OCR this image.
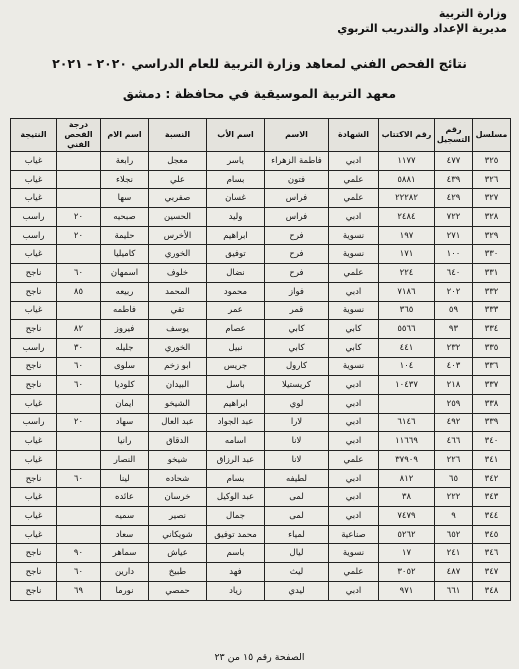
وزارة التربية
مديرية الإعداد والتدريب التربوي
نتائج الفحص الفني لمعاهد وزارة التربية للعام الدراسي ٢٠٢٠ - ٢٠٢١
معهد التربية الموسيقية في محافظة : دمشق
مسلسل	رقم التسجيل	رقم الاكتتاب	الشهادة	الاسم	اسم الأب	النسبة	اسم الام	درجة الفحص الفني	النتيجة
٣٢٥	٤٧٧	١١٧٧	ادبي	فاطمة الزهراء	ياسر	معجل	رابعة		غياب
٣٢٦	٤٣٩	٥٨٨١	علمي	فتون	بسام	علي	نجلاء		غياب
٣٢٧	٤٢٩	٢٢٢٨٢	علمي	فراس	غسان	صفربي	سها		غياب
٣٢٨	٧٢٢	٢٤٨٤	ادبي	فراس	وليد	الحسين	صبحيه	٢٠	راسب
٣٢٩	٢٧١	١٩٧	نسوية	فرح	ابراهيم	الأخرس	حليمة	٢٠	راسب
٣٣٠	١٠٠	١٧١	نسوية	فرح	توفيق	الخوري	كاميليا		غياب
٣٣١	٦٤٠	٢٢٤	علمي	فرح	نضال	خلوف	اسمهان	٦٠	ناجح
٣٣٢	٢٠٢	٧١٨٦	ادبي	فواز	محمود	المحمد	ربيعه	٨٥	ناجح
٣٣٣	٥٩	٣٦٥	نسوية	قمر	عمر	تقي	فاطمه		غياب
٣٣٤	٩٣	٥٥٦٦	كابي	كابي	عصام	يوسف	فيروز	٨٢	ناجح
٣٣٥	٢٣٢	٤٤١	كابي	كابي	نبيل	الخوري	جليله	٣٠	راسب
٣٣٦	٤٠٣	١٠٤	نسوية	كارول	جريس	ابو زخم	سلوى	٦٠	ناجح
٣٣٧	٢١٨	١٠٤٣٧	ادبي	كريستيلا	باسل	البيدان	كلوديا	٦٠	ناجح
٣٣٨	٢٥٩		ادبي	لوي	ابراهيم	الشيخو	ايمان		غياب
٣٣٩	٤٩٢	٦١٤٦	ادبي	لارا	عبد الجواد	عبد العال	سهاد	٢٠	راسب
٣٤٠	٤٦٦	١١٦٦٩	ادبي	لانا	اسامه	الدقاق	رانيا		غياب
٣٤١	٢٢٦	٣٧٩٠٩	علمي	لانا	عبد الرزاق	شيخو	النصار		غياب
٣٤٢	٦٥	٨١٢	ادبي	لطيفه	بسام	شحاده	لينا	٦٠	ناجح
٣٤٣	٢٢٢	٣٨	ادبي	لمى	عبد الوكيل	خرسان	عائده		غياب
٣٤٤	٩	٧٤٧٩	ادبي	لمى	جمال	نصير	سميه		غياب
٣٤٥	٦٥٢	٥٢٦٢	صناعية	لمياء	محمد توفيق	شويكاني	سعاد		غياب
٣٤٦	٢٤١	١٧	نسوية	ليال	باسم	عياش	سماهر	٩٠	ناجح
٣٤٧	٤٨٧	٣٠٥٢	علمي	ليث	فهد	طبيخ	دارين	٦٠	ناجح
٣٤٨	٦٦١	٩٧١	ادبي	ليدي	زياد	حمصي	نورما	٦٩	ناجح
الصفحة رقم ١٥ من ٢٣
